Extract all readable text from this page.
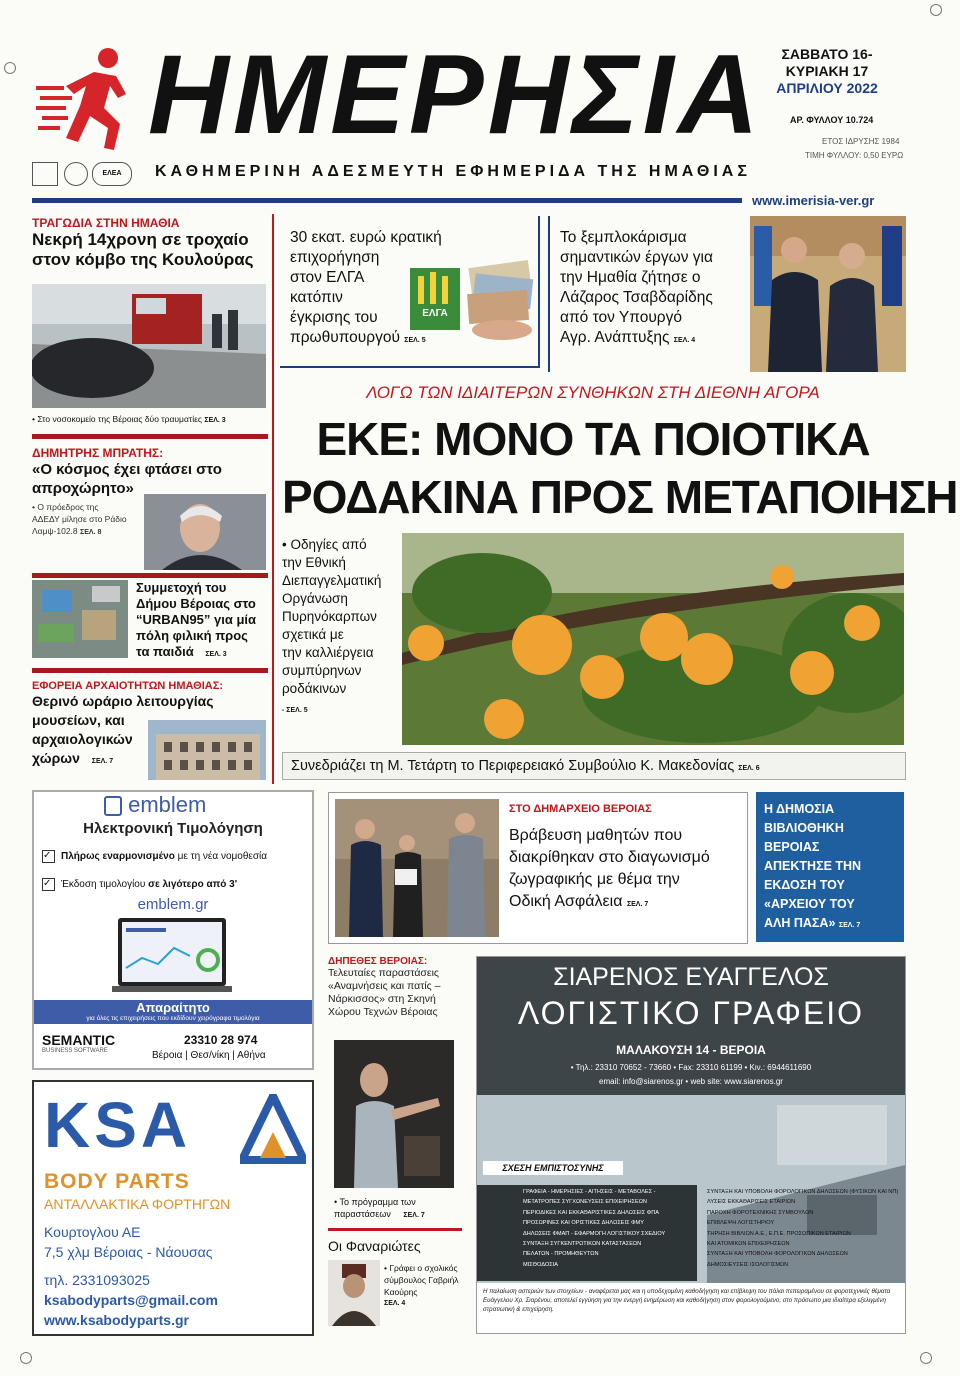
ΗΜΕΡΗΣΙΑ	ΣΑΒΒΑΤΟ 16-
ΚΥΡΙΑΚΗ 17
ΑΠΡΙΛΙΟΥ 2022
ΑΡ. ΦΥΛΛΟΥ 10.724
ΕΤΟΣ ΙΔΡΥΣΗΣ 1984
ΤΙΜΗ ΦΥΛΛΟΥ: 0,50 ΕΥΡΩ
ΕΛΕΑ	ΚΑΘΗΜΕΡΙΝΗ ΑΔΕΣΜΕΥΤΗ ΕΦΗΜΕΡΙΔΑ ΤΗΣ ΗΜΑΘΙΑΣ
www.imerisia-ver.gr
ΤΡΑΓΩΔΙΑ ΣΤΗΝ ΗΜΑΘΙΑ
Νεκρή 14χρονη σε τροχαίο
στον κόμβο της Κουλούρας
• Στο νοσοκομείο της Βέροιας δύο τραυματίες ΣΕΛ. 3
ΔΗΜΗΤΡΗΣ ΜΠΡΑΤΗΣ:
«Ο κόσμος έχει φτάσει στο
απροχώρητο»
• Ο πρόεδρος της
ΑΔΕΔΥ μίλησε στο Ράδιο
Λαμψ-102.8 ΣΕΛ. 8
Συμμετοχή του
Δήμου Βέροιας στο
“URBAN95” για μία
πόλη φιλική προς
τα παιδιά ΣΕΛ. 3
ΕΦΟΡΕΙΑ ΑΡΧΑΙΟΤΗΤΩΝ ΗΜΑΘΙΑΣ:
Θερινό ωράριο λειτουργίας
μουσείων, και
αρχαιολογικών
χώρων ΣΕΛ. 7
30 εκατ. ευρώ κρατική
επιχορήγηση
στον ΕΛΓΑ
κατόπιν
έγκρισης του
πρωθυπουργού ΣΕΛ. 5
ΕΛΓΑ
Το ξεμπλοκάρισμα
σημαντικών έργων για
την Ημαθία ζήτησε ο
Λάζαρος Τσαβδαρίδης
από τον Υπουργό
Αγρ. Ανάπτυξης ΣΕΛ. 4
ΛΟΓΩ ΤΩΝ ΙΔΙΑΙΤΕΡΩΝ ΣΥΝΘΗΚΩΝ ΣΤΗ ΔΙΕΘΝΗ ΑΓΟΡΑ
ΕΚΕ: ΜΟΝΟ ΤΑ ΠΟΙΟΤΙΚΑ
ΡΟΔΑΚΙΝΑ ΠΡΟΣ ΜΕΤΑΠΟΙΗΣΗ
• Οδηγίες από
την Εθνική
Διεπαγγελματική
Οργάνωση
Πυρηνόκαρπων
σχετικά με
την καλλιέργεια
συμπύρηνων
ροδάκινων
- ΣΕΛ. 5
Συνεδριάζει τη Μ. Τετάρτη το Περιφερειακό Συμβούλιο Κ. Μακεδονίας ΣΕΛ. 6
emblem
Ηλεκτρονική Τιμολόγηση
✓ Πλήρως εναρμονισμένο με τη νέα νομοθεσία
✓ Έκδοση τιμολογίου σε λιγότερο από 3'
emblem.gr
Απαραίτητο
για όλες τις επιχειρήσεις που εκδίδουν χειρόγραφα τιμολόγια
SEMANTIC
BUSINESS SOFTWARE
23310 28 974
Βέροια | Θεσ/νίκη | Αθήνα
KSA
BODY PARTS
ΑΝΤΑΛΛΑΚΤΙΚΑ ΦΟΡΤΗΓΩΝ
Κουρτογλου ΑΕ
7,5 χλμ Βέροιας - Νάουσας
τηλ. 2331093025
ksabodyparts@gmail.com
www.ksabodyparts.gr
ΣΤΟ ΔΗΜΑΡΧΕΙΟ ΒΕΡΟΙΑΣ
Βράβευση μαθητών που
διακρίθηκαν στο διαγωνισμό
ζωγραφικής με θέμα την
Οδική Ασφάλεια ΣΕΛ. 7
Η ΔΗΜΟΣΙΑ
ΒΙΒΛΙΟΘΗΚΗ
ΒΕΡΟΙΑΣ
ΑΠΕΚΤΗΣΕ ΤΗΝ
ΕΚΔΟΣΗ ΤΟΥ
«ΑΡΧΕΙΟΥ ΤΟΥ
ΑΛΗ ΠΑΣΑ» ΣΕΛ. 7
ΔΗΠΕΘΕΣ ΒΕΡΟΙΑΣ:
Τελευταίες παραστάσεις
«Αναμνήσεις και πατίς –
Νάρκισσος» στη Σκηνή
Χώρου Τεχνών Βέροιας
• Το πρόγραμμα των
παραστάσεων ΣΕΛ. 7
Οι Φαναριώτες
• Γράφει ο σχολικός
σύμβουλος Γαβριήλ
Καούρης
ΣΕΛ. 4
ΣΙΑΡΕΝΟΣ ΕΥΑΓΓΕΛΟΣ
ΛΟΓΙΣΤΙΚΟ ΓΡΑΦΕΙΟ
ΜΑΛΑΚΟΥΣΗ 14 - ΒΕΡΟΙΑ
• Τηλ.: 23310 70652 - 73660 • Fax: 23310 61199 • Κιν.: 6944611690
email: info@siarenos.gr • web site: www.siarenos.gr
ΣΧΕΣΗ ΕΜΠΙΣΤΟΣΥΝΗΣ
ΓΡΑΦΕΙΑ - ΗΜΕΡΗΣΙΕΣ - ΑΙΤΗΣΕΙΣ - ΜΕΤΑΒΟΛΕΣ -
ΜΕΤΑΤΡΟΠΕΣ ΣΥΓΧΩΝΕΥΣΕΙΣ ΕΠΙΧΕΙΡΗΣΕΩΝ
ΠΕΡΙΟΔΙΚΕΣ ΚΑΙ ΕΚΚΑΘΑΡΙΣΤΙΚΕΣ ΔΗΛΩΣΕΙΣ ΦΠΑ
ΠΡΟΣΩΡΙΝΕΣ ΚΑΙ ΟΡΙΣΤΙΚΕΣ ΔΗΛΩΣΕΙΣ ΦΜΥ
ΔΗΛΩΣΕΙΣ ΦΜΑΠ - ΕΦΑΡΜΟΓΗ ΛΟΓΙΣΤΙΚΟΥ ΣΧΕΔΙΟΥ
ΣΥΝΤΑΞΗ ΣΥΓΚΕΝΤΡΩΤΙΚΩΝ ΚΑΤΑΣΤΑΣΕΩΝ
ΠΕΛΑΤΩΝ - ΠΡΟΜΗΘΕΥΤΩΝ
ΜΙΣΘΟΔΟΣΙΑ
ΣΥΝΤΑΞΗ ΚΑΙ ΥΠΟΒΟΛΗ ΦΟΡΟΛΟΓΙΚΩΝ ΔΗΛΩΣΕΩΝ (ΦΥΣΙΚΩΝ ΚΑΙ ΝΠ)
ΛΥΣΕΙΣ ΕΚΚΑΘΑΡΙΣΕΙΣ ΕΤΑΙΡΙΩΝ
ΠΑΡΟΧΗ ΦΟΡΟΤΕΧΝΙΚΗΣ ΣΥΜΒΟΥΛΩΝ
ΕΠΙΒΛΕΨΗ ΛΟΓΙΣΤΗΡΙΟΥ
ΤΗΡΗΣΗ ΒΙΒΛΙΩΝ Α.Ε., Ε.Π.Ε. ΠΡΟΣΩΠΙΚΩΝ ΕΤΑΙΡΙΩΝ
ΚΑΙ ΑΤΟΜΙΚΩΝ ΕΠΙΧΕΙΡΗΣΕΩΝ
ΣΥΝΤΑΞΗ ΚΑΙ ΥΠΟΒΟΛΗ ΦΟΡΟΛΟΓΙΚΩΝ ΔΗΛΩΣΕΩΝ
ΔΗΜΟΣΙΕΥΣΕΙΣ ΙΣΟΛΟΓΙΣΜΩΝ
Η παλαίωση αστεριών των στοιχείων - αναφέρεται μας και η υποδεχομένη καθοδήγηση και επίβλεψη του πάλαι πεπειραμένου σε φοροτεχνικές θέματα Ευάγγελου Χρ. Σιαρένου, αποτελεί εγγύηση για την ενεργή ενημέρωση και καθοδήγηση στον φορολογούμενο, στο πρόσωπο μια ιδιαίτερα εξελιγμένη στρατιωτική & επιχείρηση.
